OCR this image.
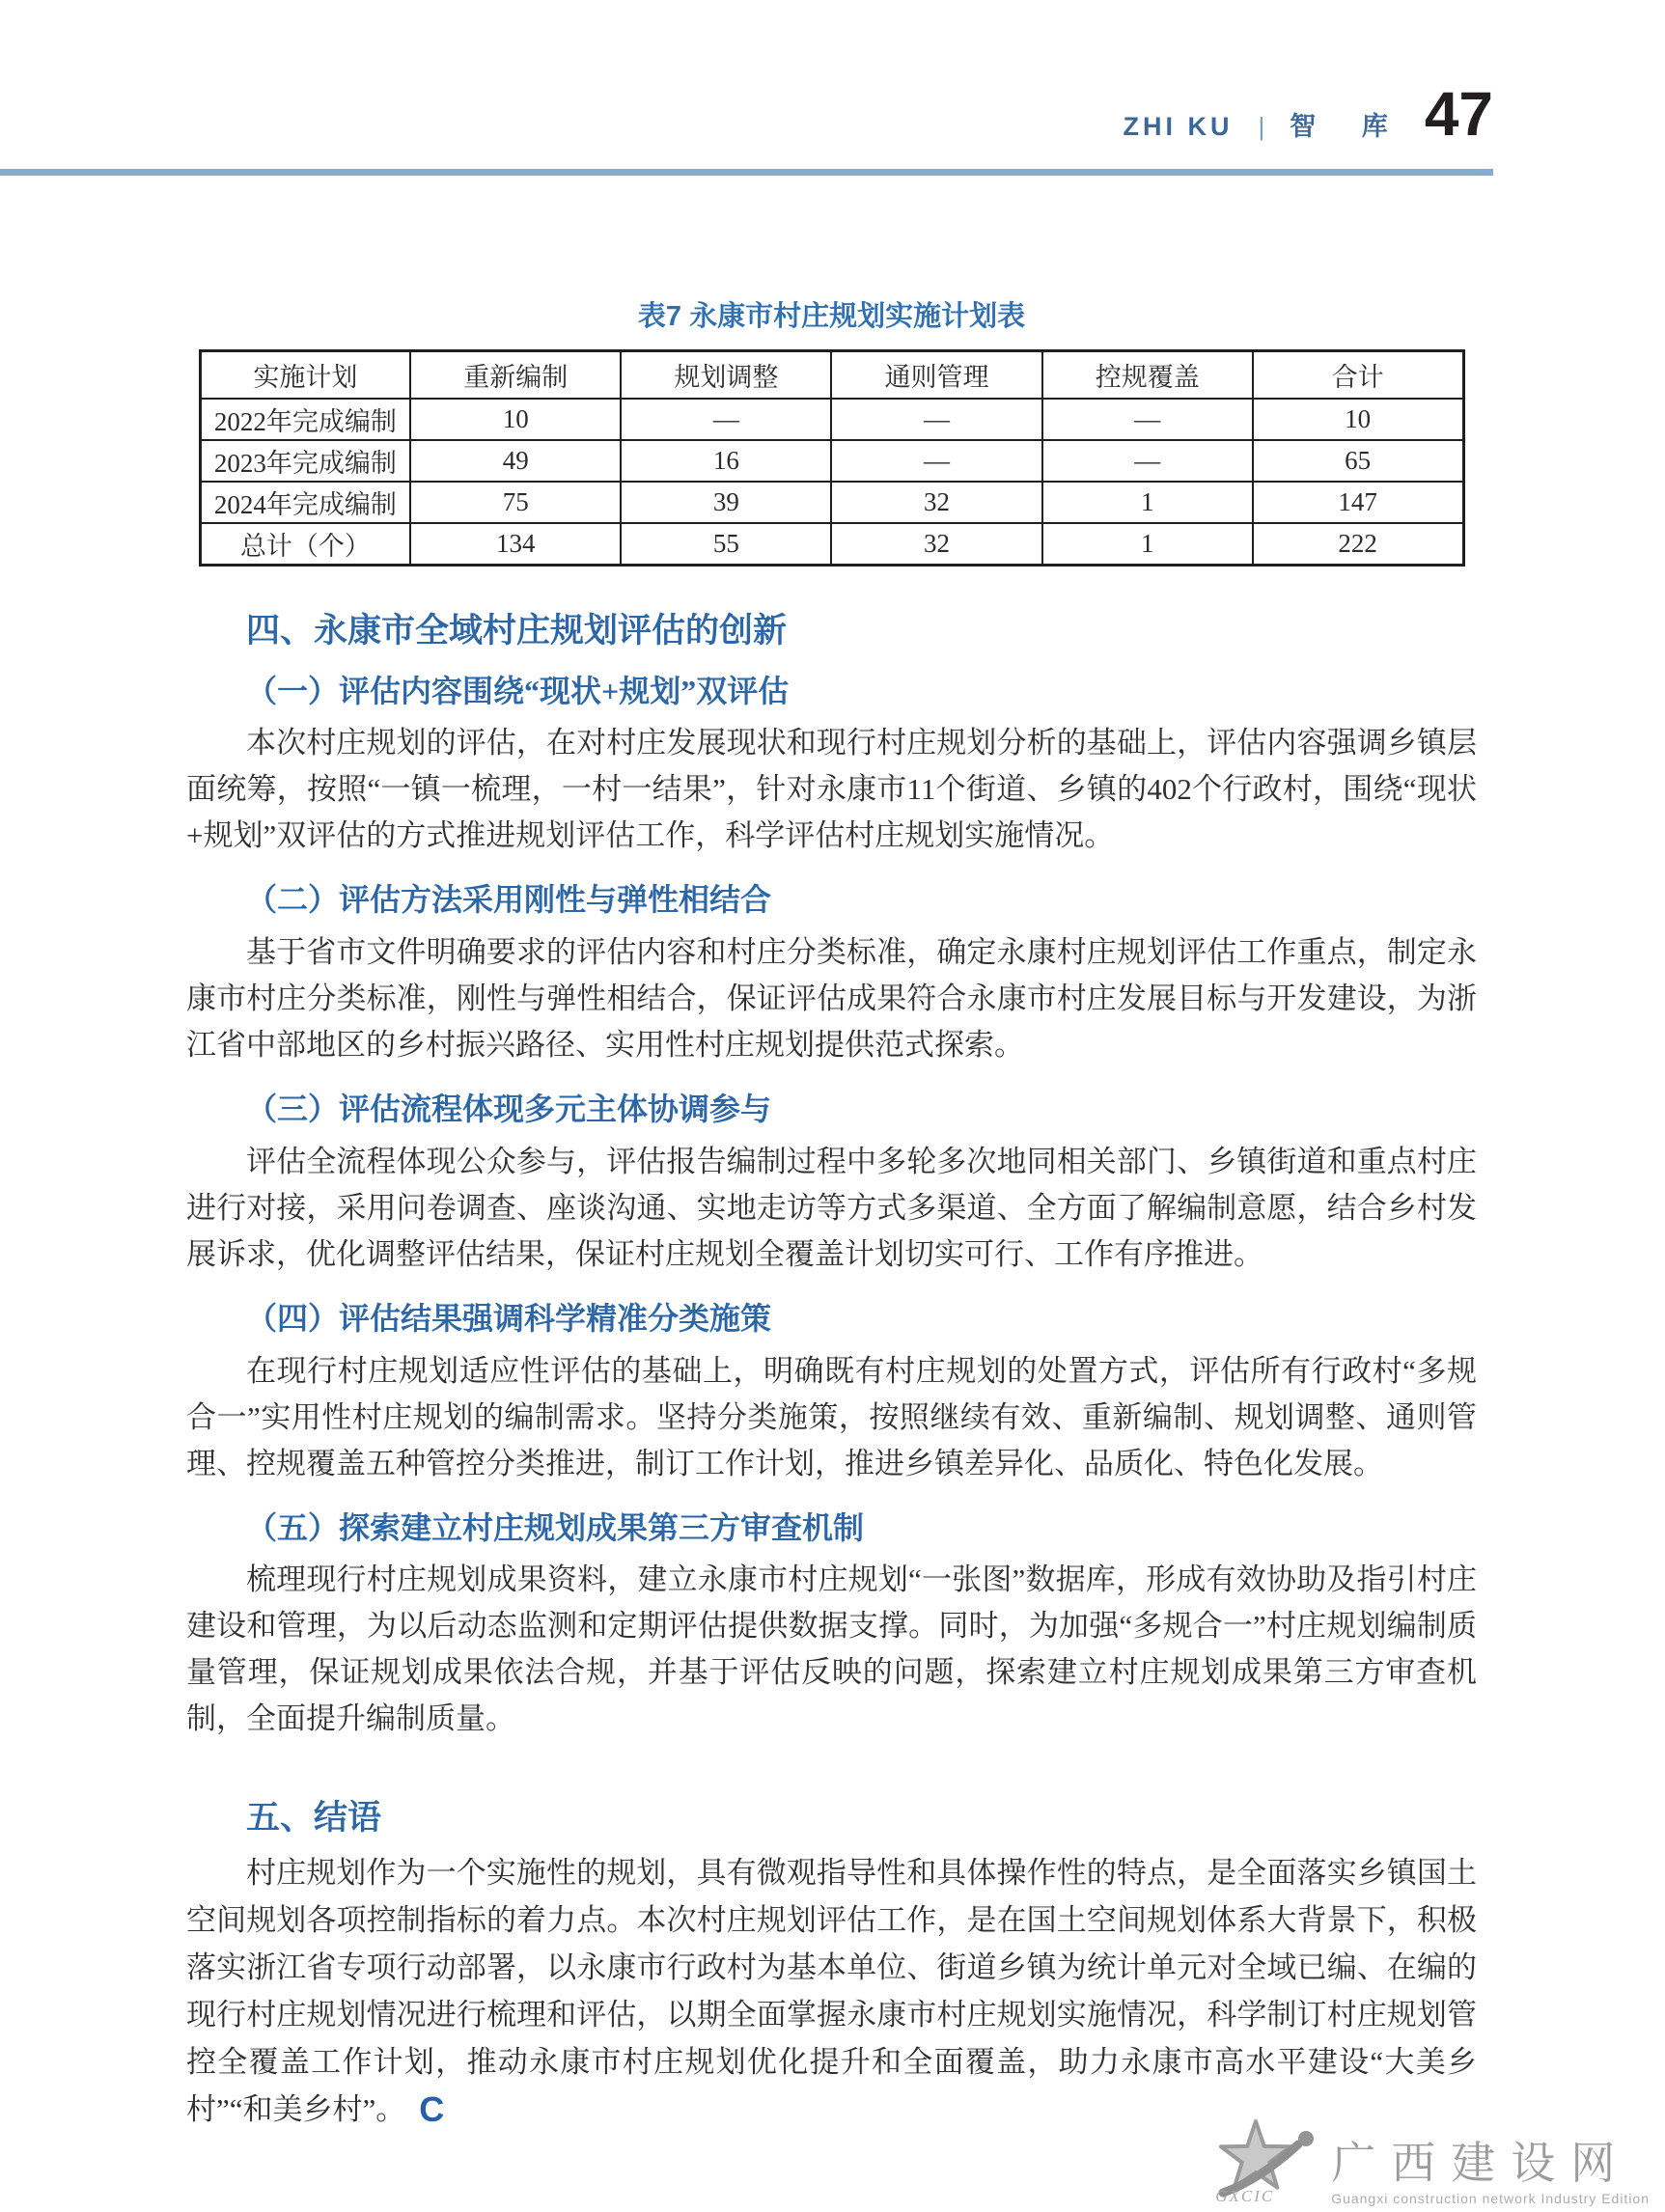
ZHI KU | 智 库 47
表7 永康市村庄规划实施计划表
实施计划	重新编制	规划调整	通则管理	控规覆盖	合计
2022年完成编制	10	—	—	—	10
2023年完成编制	49	16	—	—	65
2024年完成编制	75	39	32	1	147
总计（个）	134	55	32	1	222
四、永康市全域村庄规划评估的创新
（一）评估内容围绕“现状+规划”双评估

本次村庄规划的评估，在对村庄发展现状和现行村庄规划分析的基础上，评估内容强调乡镇层面统筹，按照“一镇一梳理，一村一结果”，针对永康市11个街道、乡镇的402个行政村，围绕“现状+规划”双评估的方式推进规划评估工作，科学评估村庄规划实施情况。

（二）评估方法采用刚性与弹性相结合

基于省市文件明确要求的评估内容和村庄分类标准，确定永康村庄规划评估工作重点，制定永康市村庄分类标准，刚性与弹性相结合，保证评估成果符合永康市村庄发展目标与开发建设，为浙江省中部地区的乡村振兴路径、实用性村庄规划提供范式探索。

（三）评估流程体现多元主体协调参与

评估全流程体现公众参与，评估报告编制过程中多轮多次地同相关部门、乡镇街道和重点村庄进行对接，采用问卷调查、座谈沟通、实地走访等方式多渠道、全方面了解编制意愿，结合乡村发展诉求，优化调整评估结果，保证村庄规划全覆盖计划切实可行、工作有序推进。

（四）评估结果强调科学精准分类施策

在现行村庄规划适应性评估的基础上，明确既有村庄规划的处置方式，评估所有行政村“多规合一”实用性村庄规划的编制需求。坚持分类施策，按照继续有效、重新编制、规划调整、通则管理、控规覆盖五种管控分类推进，制订工作计划，推进乡镇差异化、品质化、特色化发展。

（五）探索建立村庄规划成果第三方审查机制

梳理现行村庄规划成果资料，建立永康市村庄规划“一张图”数据库，形成有效协助及指引村庄建设和管理，为以后动态监测和定期评估提供数据支撑。同时，为加强“多规合一”村庄规划编制质量管理，保证规划成果依法合规，并基于评估反映的问题，探索建立村庄规划成果第三方审查机制，全面提升编制质量。

五、结语

村庄规划作为一个实施性的规划，具有微观指导性和具体操作性的特点，是全面落实乡镇国土空间规划各项控制指标的着力点。本次村庄规划评估工作，是在国土空间规划体系大背景下，积极落实浙江省专项行动部署，以永康市行政村为基本单位、街道乡镇为统计单元对全域已编、在编的现行村庄规划情况进行梳理和评估，以期全面掌握永康市村庄规划实施情况，科学制订村庄规划管控全覆盖工作计划，推动永康市村庄规划优化提升和全面覆盖，助力永康市高水平建设“大美乡村”“和美乡村”。 C

GXCIC
广西建设网
Guangxi construction network Industry Edition
